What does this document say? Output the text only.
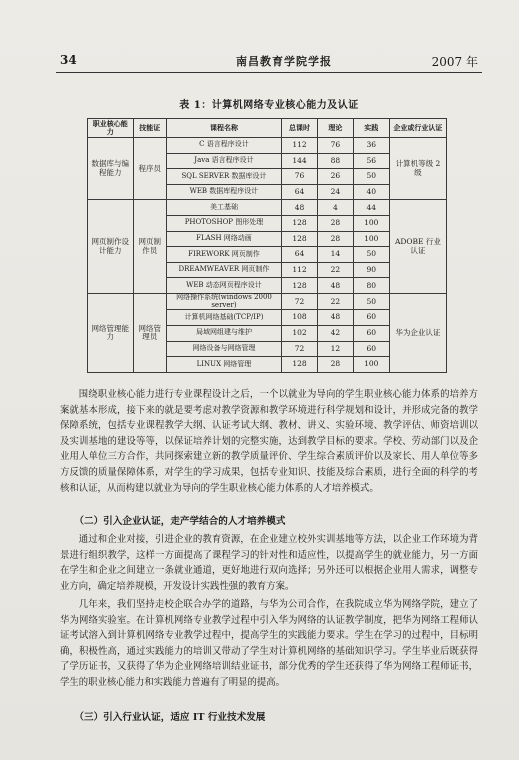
34	南昌教育学院学报	2007 年
表 1：计算机网络专业核心能力及认证
职业核心能力	技能证	课程名称	总课时	理论	实践	企业或行业认证
数据库与编程能力	程序员	C 语言程序设计	112	76	36	计算机等级 2 级
		Java 语言程序设计	144	88	56	
		SQL SERVER 数据库设计	76	26	50	
		WEB 数据库程序设计	64	24	40	
网页制作设计能力	网页制作员	美工基础	48	4	44	ADOBE 行业认证
		PHOTOSHOP 图形处理	128	28	100	
		FLASH 网络动画	128	28	100	
		FIREWORK 网页制作	64	14	50	
		DREAMWEAVER 网页制作	112	22	90	
		WEB 动态网页程序设计	128	48	80	
网络管理能力	网络管理员	网络操作系统(windows 2000 server)	72	22	50	华为企业认证
		计算机网络基础(TCP/IP)	108	48	60	
		局域网组建与维护	102	42	60	
		网络设备与网络管理	72	12	60	
		LINUX 网络管理	128	28	100	

围绕职业核心能力进行专业课程设计之后，一个以就业为导向的学生职业核心能力体系的培养方案就基本形成，接下来的就是要考虑对教学资源和教学环境进行科学规划和设计，并形成完备的教学保障系统，包括专业课程教学大纲、认证考试大纲、教材、讲义、实验环境、教学评估、师资培训以及实训基地的建设等等，以保证培养计划的完整实施，达到教学目标的要求。学校、劳动部门以及企业用人单位三方合作，共同探索建立新的教学质量评价、学生综合素质评价以及家长、用人单位等多方反馈的质量保障体系，对学生的学习成果，包括专业知识、技能及综合素质，进行全面的科学的考核和认证，从而构建以就业为导向的学生职业核心能力体系的人才培养模式。

（二）引入企业认证，走产学结合的人才培养模式

通过和企业对接，引进企业的教育资源，在企业建立校外实训基地等方法，以企业工作环境为背景进行组织教学，这样一方面提高了课程学习的针对性和适应性，以提高学生的就业能力，另一方面在学生和企业之间建立一条就业通道，更好地进行双向选择；另外还可以根据企业用人需求，调整专业方向，确定培养规模，开发设计实践性强的教育方案。

几年来，我们坚持走校企联合办学的道路，与华为公司合作，在我院成立华为网络学院，建立了华为网络实验室。在计算机网络专业教学过程中引入华为网络的认证教学制度，把华为网络工程师认证考试溶入到计算机网络专业教学过程中，提高学生的实践能力要求。学生在学习的过程中，目标明确，积极性高，通过实践能力的培训又带动了学生对计算机网络的基础知识学习。学生毕业后既获得了学历证书，又获得了华为企业网络培训结业证书，部分优秀的学生还获得了华为网络工程师证书，学生的职业核心能力和实践能力普遍有了明显的提高。

（三）引入行业认证，适应 IT 行业技术发展
